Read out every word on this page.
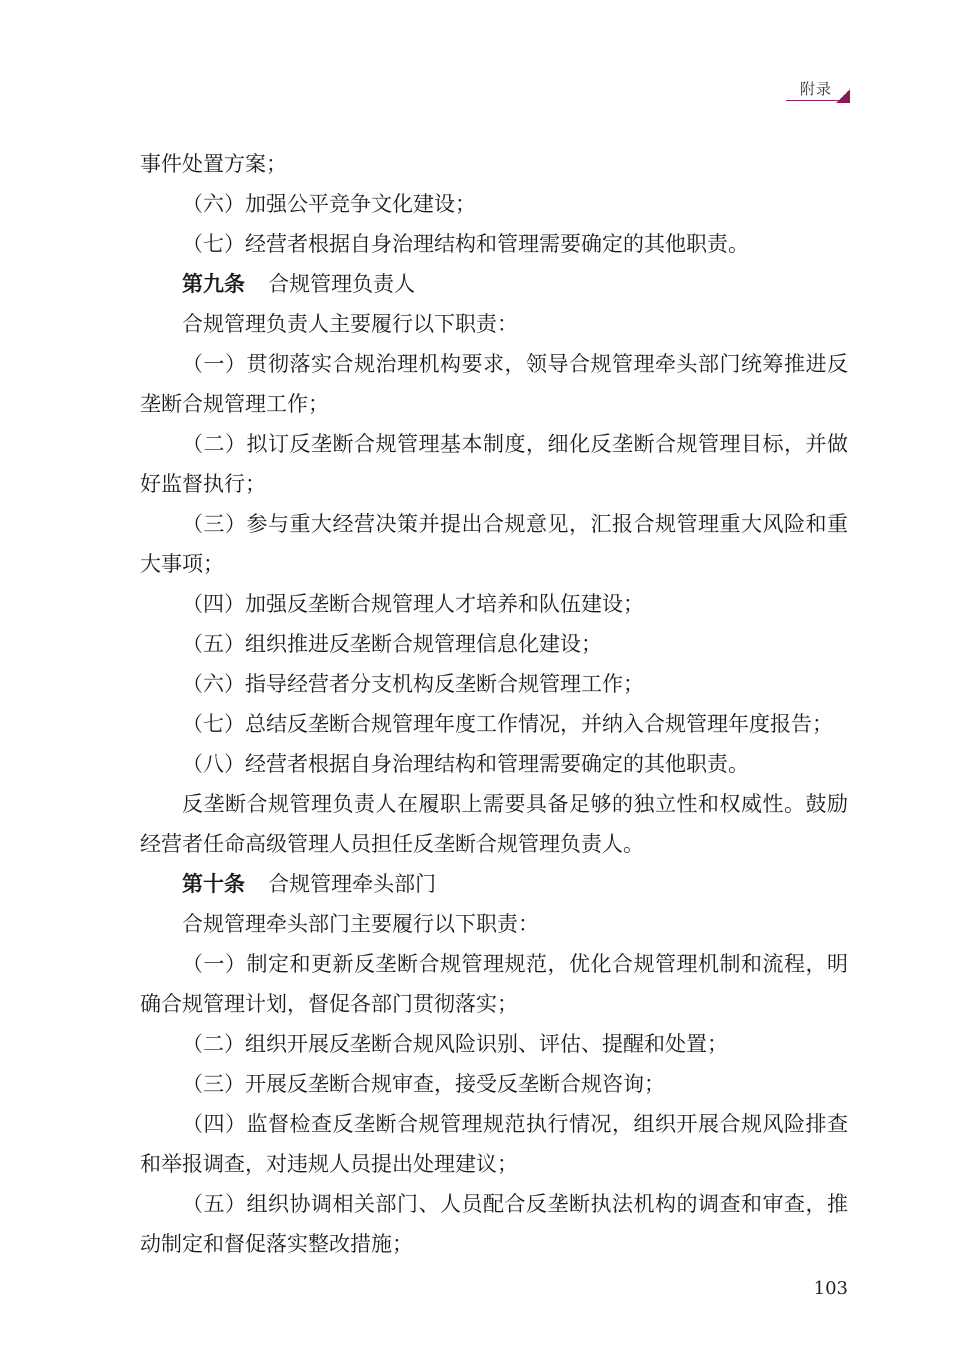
附录

事件处置方案；

（六）加强公平竞争文化建设；

（七）经营者根据自身治理结构和管理需要确定的其他职责。

第九条 合规管理负责人

合规管理负责人主要履行以下职责：

（一）贯彻落实合规治理机构要求，领导合规管理牵头部门统筹推进反垄断合规管理工作；

（二）拟订反垄断合规管理基本制度，细化反垄断合规管理目标，并做好监督执行；

（三）参与重大经营决策并提出合规意见，汇报合规管理重大风险和重大事项；

（四）加强反垄断合规管理人才培养和队伍建设；

（五）组织推进反垄断合规管理信息化建设；

（六）指导经营者分支机构反垄断合规管理工作；

（七）总结反垄断合规管理年度工作情况，并纳入合规管理年度报告；

（八）经营者根据自身治理结构和管理需要确定的其他职责。

反垄断合规管理负责人在履职上需要具备足够的独立性和权威性。鼓励经营者任命高级管理人员担任反垄断合规管理负责人。

第十条 合规管理牵头部门

合规管理牵头部门主要履行以下职责：

（一）制定和更新反垄断合规管理规范，优化合规管理机制和流程，明确合规管理计划，督促各部门贯彻落实；

（二）组织开展反垄断合规风险识别、评估、提醒和处置；

（三）开展反垄断合规审查，接受反垄断合规咨询；

（四）监督检查反垄断合规管理规范执行情况，组织开展合规风险排查和举报调查，对违规人员提出处理建议；

（五）组织协调相关部门、人员配合反垄断执法机构的调查和审查，推动制定和督促落实整改措施；

103
